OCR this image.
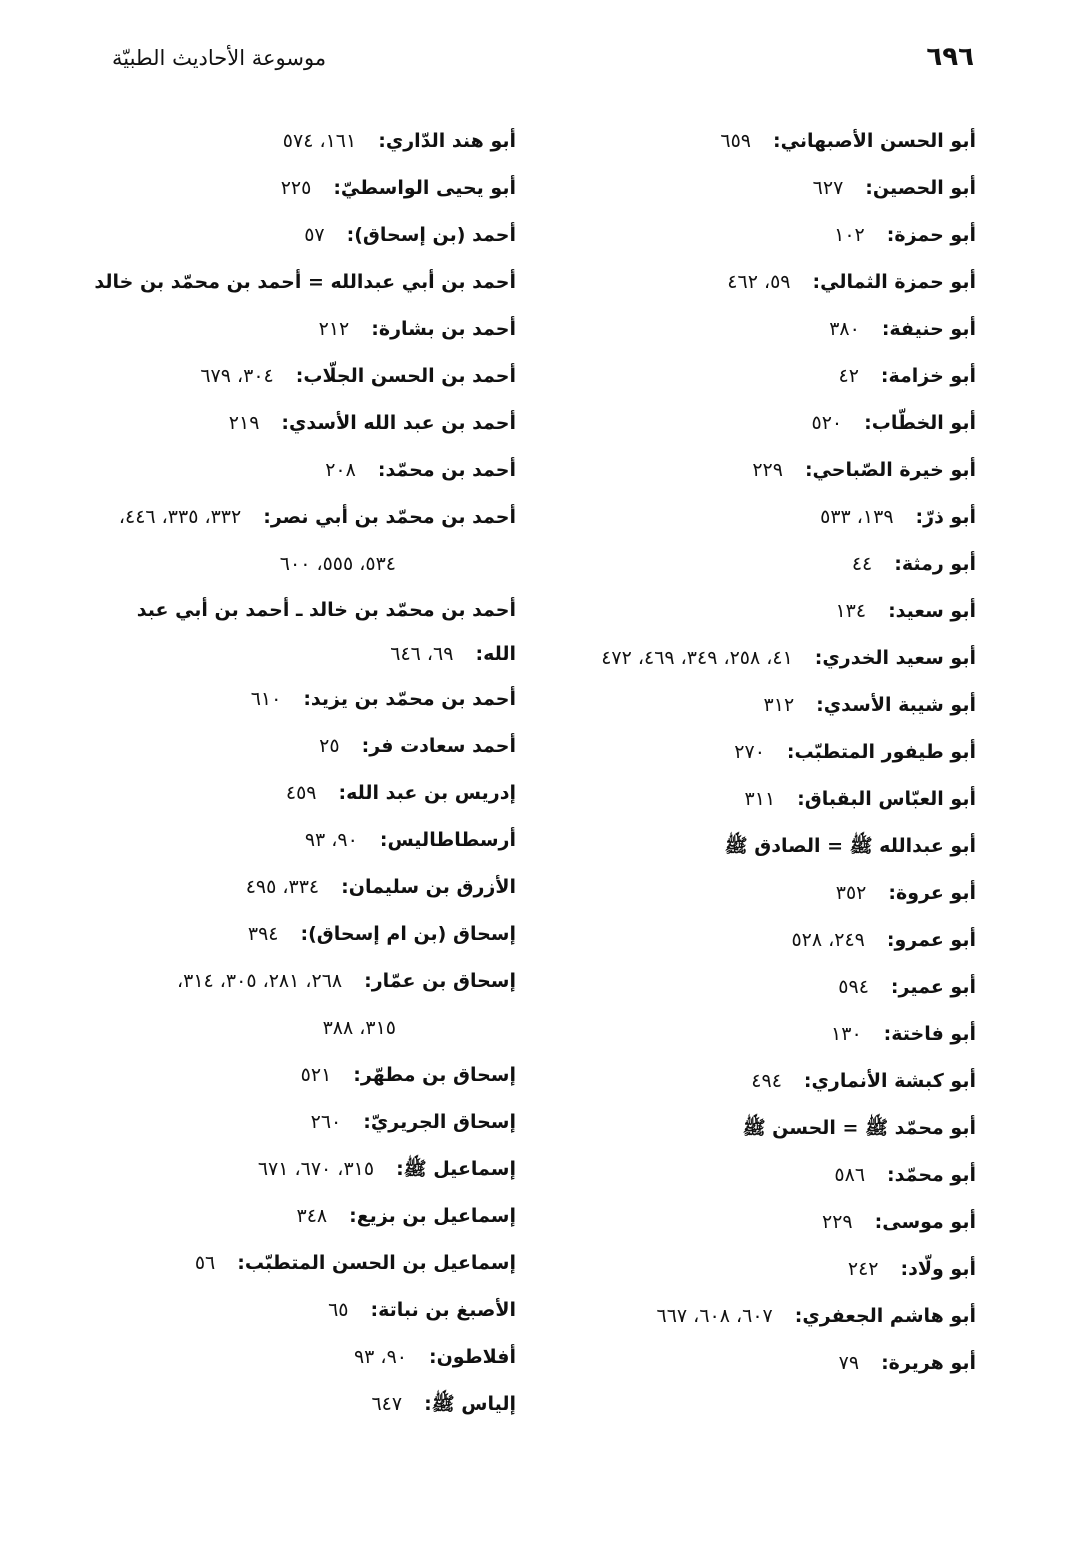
٦٩٦
موسوعة الأحاديث الطبيّة
أبو الحسن الأصبهاني:٦٥٩
أبو الحصين:٦٢٧
أبو حمزة:١٠٢
أبو حمزة الثمالي:٥٩، ٤٦٢
أبو حنيفة:٣٨٠
أبو خزامة:٤٢
أبو الخطّاب:٥٢٠
أبو خيرة الصّباحي:٢٢٩
أبو ذرّ:١٣٩، ٥٣٣
أبو رمثة:٤٤
أبو سعيد:١٣٤
أبو سعيد الخدري:٤١، ٢٥٨، ٣٤٩، ٤٦٩، ٤٧٢
أبو شيبة الأسدي:٣١٢
أبو طيفور المتطبّب:٢٧٠
أبو العبّاس البقباق:٣١١
أبو عبدالله ﷺ = الصادق ﷺ
أبو عروة:٣٥٢
أبو عمرو:٢٤٩، ٥٢٨
أبو عمير:٥٩٤
أبو فاختة:١٣٠
أبو كبشة الأنماري:٤٩٤
أبو محمّد ﷺ = الحسن ﷺ
أبو محمّد:٥٨٦
أبو موسى:٢٢٩
أبو ولّاد:٢٤٢
أبو هاشم الجعفري:٦٠٧، ٦٠٨، ٦٦٧
أبو هريرة:٧٩
أبو هند الدّاري:١٦١، ٥٧٤
أبو يحيى الواسطيّ:٢٢٥
أحمد (بن إسحاق):٥٧
أحمد بن أبي عبدالله = أحمد بن محمّد بن خالد
أحمد بن بشارة:٢١٢
أحمد بن الحسن الجلّاب:٣٠٤، ٦٧٩
أحمد بن عبد الله الأسدي:٢١٩
أحمد بن محمّد:٢٠٨
أحمد بن محمّد بن أبي نصر:٣٣٢، ٣٣٥، ٤٤٦،
٥٣٤، ٥٥٥، ٦٠٠
أحمد بن محمّد بن خالد ـ أحمد بن أبي عبد الله:٦٩، ٦٤٦
أحمد بن محمّد بن يزيد:٦١٠
أحمد سعادت فر:٢٥
إدريس بن عبد الله:٤٥٩
أرسطاطاليس:٩٠، ٩٣
الأزرق بن سليمان:٣٣٤، ٤٩٥
إسحاق (بن ام إسحاق):٣٩٤
إسحاق بن عمّار:٢٦٨، ٢٨١، ٣٠٥، ٣١٤،
٣١٥، ٣٨٨
إسحاق بن مطهّر:٥٢١
إسحاق الجريريّ:٢٦٠
إسماعيل ﷺ:٣١٥، ٦٧٠، ٦٧١
إسماعيل بن بزيع:٣٤٨
إسماعيل بن الحسن المتطبّب:٥٦
الأصبغ بن نباتة:٦٥
أفلاطون:٩٠، ٩٣
إلياس ﷺ:٦٤٧
